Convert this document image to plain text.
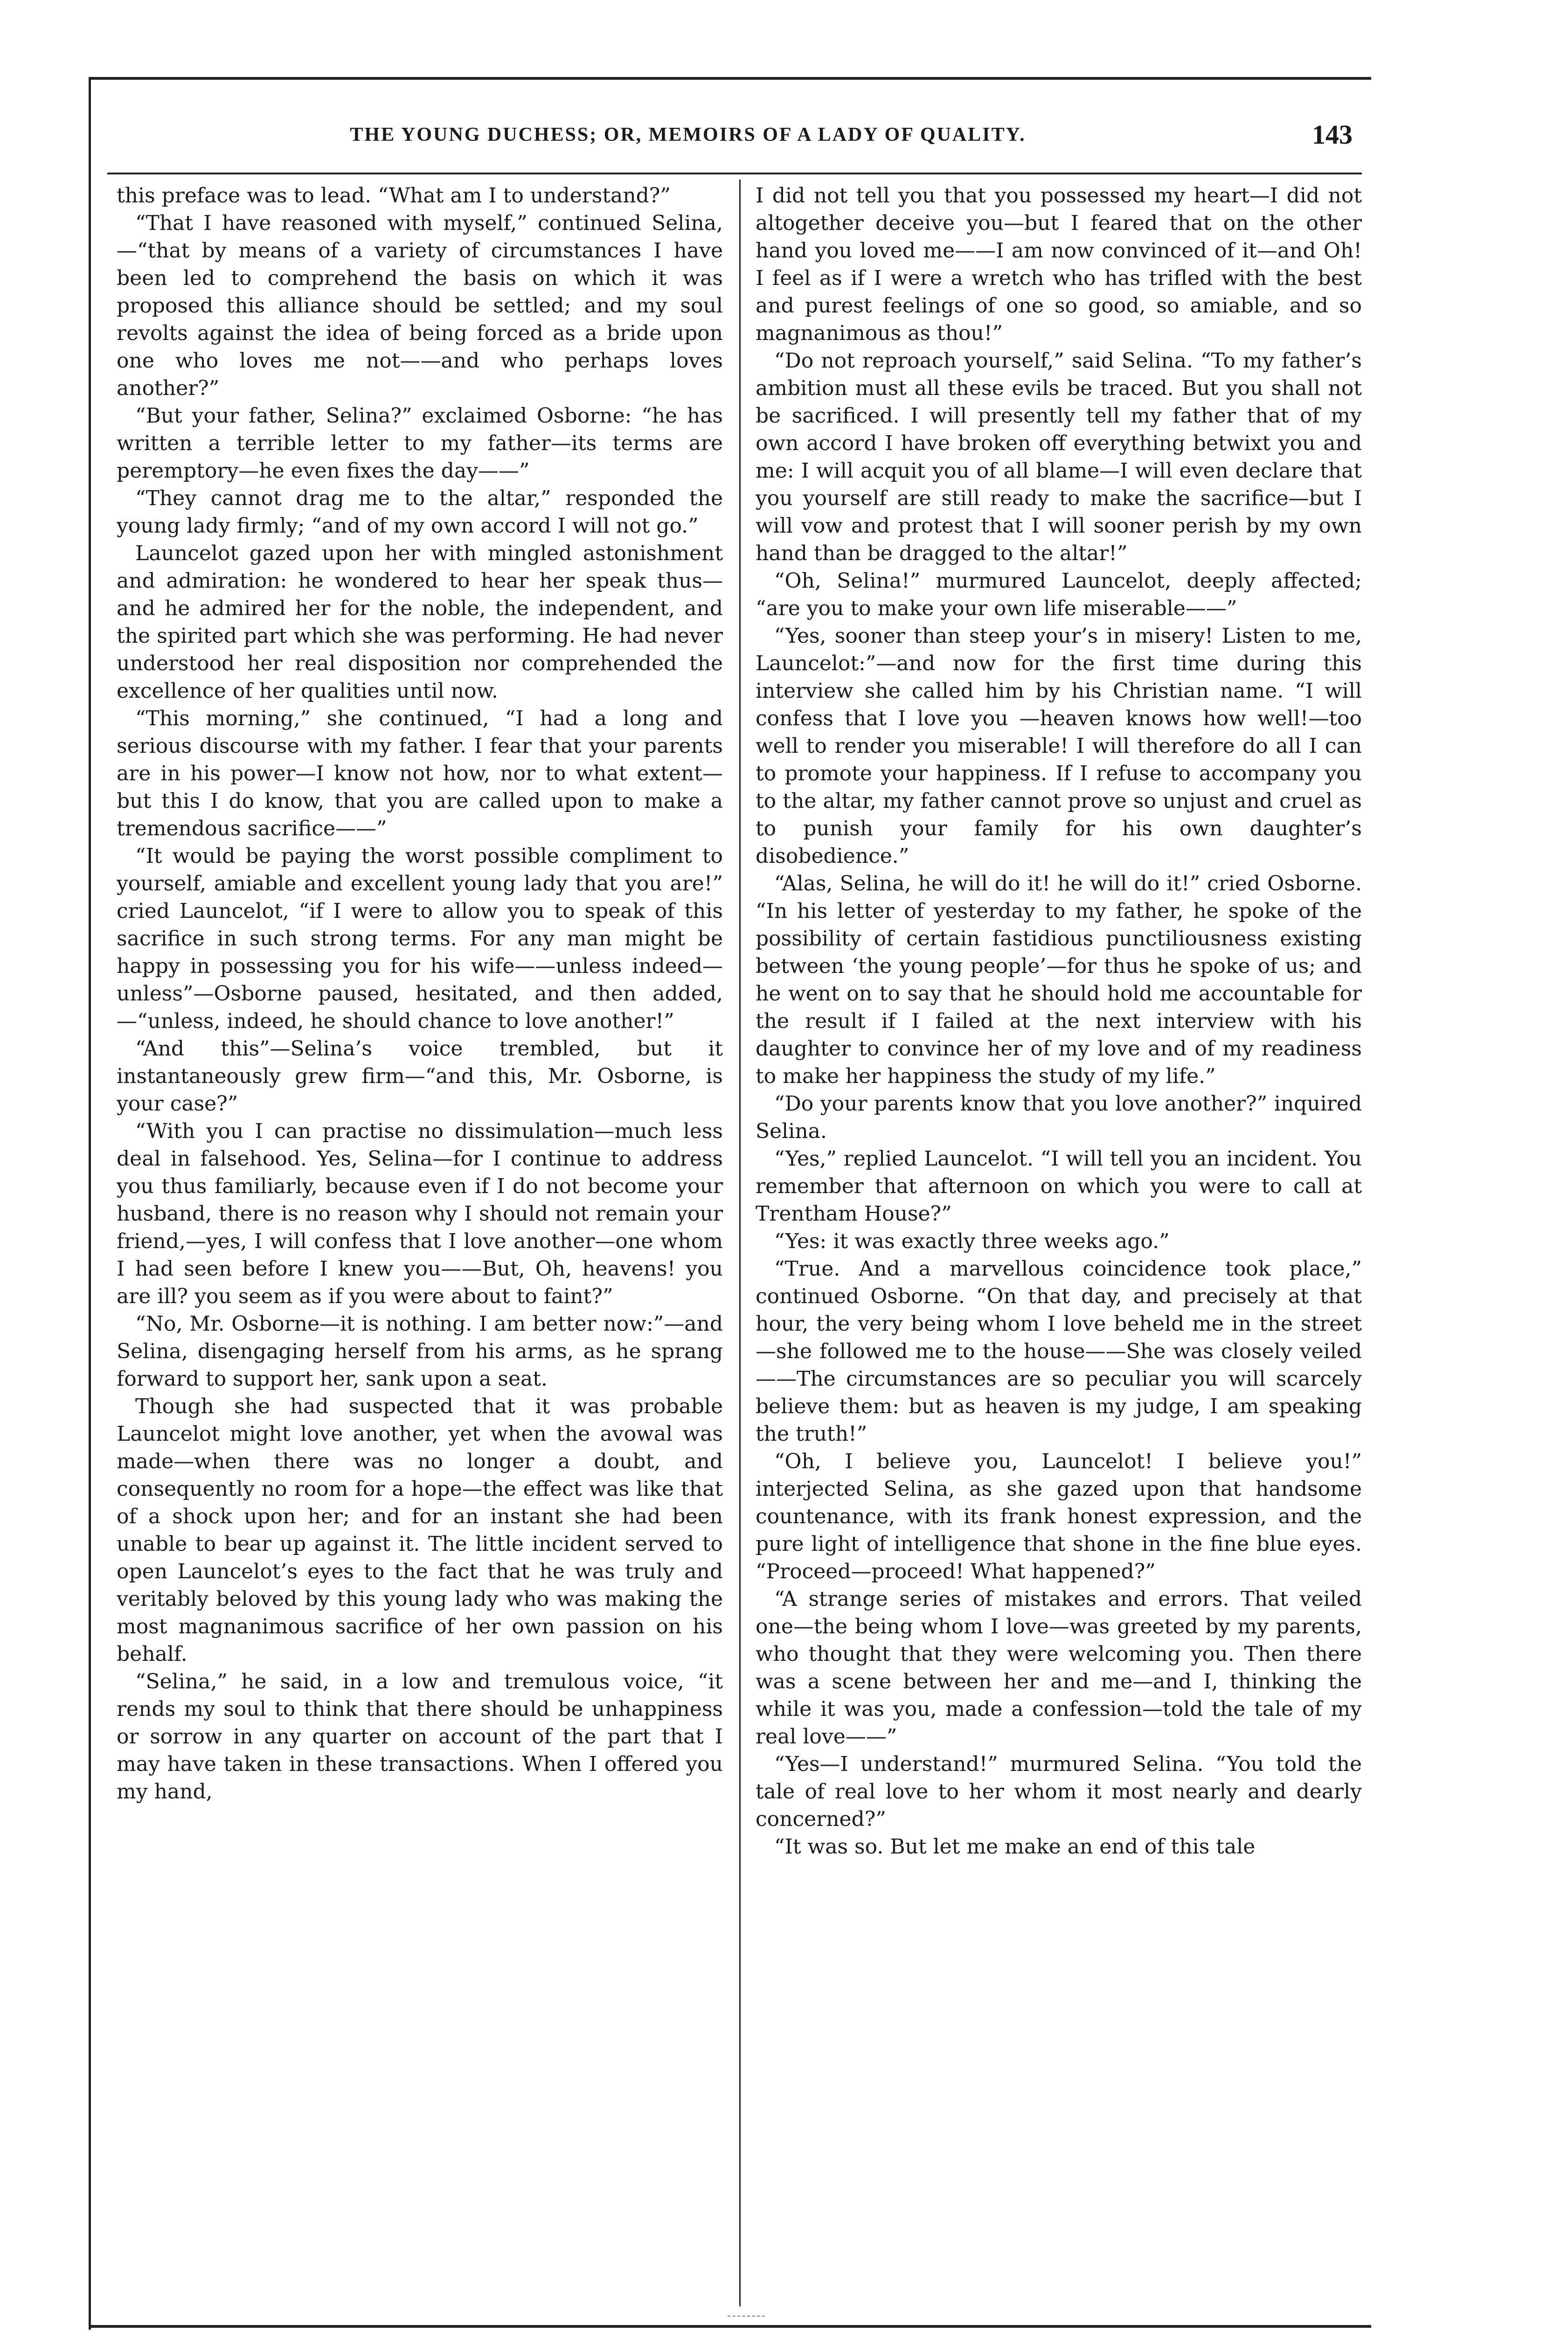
THE YOUNG DUCHESS; OR, MEMOIRS OF A LADY OF QUALITY.	143

this preface was to lead. “What am I to understand?”

“That I have reasoned with myself,” continued Selina,—“that by means of a variety of circumstances I have been led to comprehend the basis on which it was proposed this alliance should be settled; and my soul revolts against the idea of being forced as a bride upon one who loves me not——and who perhaps loves another?”

“But your father, Selina?” exclaimed Osborne: “he has written a terrible letter to my father—its terms are peremptory—he even fixes the day——”

“They cannot drag me to the altar,” responded the young lady firmly; “and of my own accord I will not go.”

Launcelot gazed upon her with mingled astonishment and admiration: he wondered to hear her speak thus—and he admired her for the noble, the independent, and the spirited part which she was performing. He had never understood her real disposition nor comprehended the excellence of her qualities until now.

“This morning,” she continued, “I had a long and serious discourse with my father. I fear that your parents are in his power—I know not how, nor to what extent—but this I do know, that you are called upon to make a tremendous sacrifice——”

“It would be paying the worst possible compliment to yourself, amiable and excellent young lady that you are!” cried Launcelot, “if I were to allow you to speak of this sacrifice in such strong terms. For any man might be happy in possessing you for his wife——unless indeed—unless”—Osborne paused, hesitated, and then added,—“unless, indeed, he should chance to love another!”

“And this”—Selina’s voice trembled, but it instantaneously grew firm—“and this, Mr. Osborne, is your case?”

“With you I can practise no dissimulation—much less deal in falsehood. Yes, Selina—for I continue to address you thus familiarly, because even if I do not become your husband, there is no reason why I should not remain your friend,—yes, I will confess that I love another—one whom I had seen before I knew you——But, Oh, heavens! you are ill? you seem as if you were about to faint?”

“No, Mr. Osborne—it is nothing. I am better now:”—and Selina, disengaging herself from his arms, as he sprang forward to support her, sank upon a seat.

Though she had suspected that it was probable Launcelot might love another, yet when the avowal was made—when there was no longer a doubt, and consequently no room for a hope—the effect was like that of a shock upon her; and for an instant she had been unable to bear up against it. The little incident served to open Launcelot’s eyes to the fact that he was truly and veritably beloved by this young lady who was making the most magnanimous sacrifice of her own passion on his behalf.

“Selina,” he said, in a low and tremulous voice, “it rends my soul to think that there should be unhappiness or sorrow in any quarter on account of the part that I may have taken in these transactions. When I offered you my hand,

I did not tell you that you possessed my heart—I did not altogether deceive you—but I feared that on the other hand you loved me——I am now convinced of it—and Oh! I feel as if I were a wretch who has trifled with the best and purest feelings of one so good, so amiable, and so magnanimous as thou!”

“Do not reproach yourself,” said Selina. “To my father’s ambition must all these evils be traced. But you shall not be sacrificed. I will presently tell my father that of my own accord I have broken off everything betwixt you and me: I will acquit you of all blame—I will even declare that you yourself are still ready to make the sacrifice—but I will vow and protest that I will sooner perish by my own hand than be dragged to the altar!”

“Oh, Selina!” murmured Launcelot, deeply affected; “are you to make your own life miserable——”

“Yes, sooner than steep your’s in misery! Listen to me, Launcelot:”—and now for the first time during this interview she called him by his Christian name. “I will confess that I love you —heaven knows how well!—too well to render you miserable! I will therefore do all I can to promote your happiness. If I refuse to accompany you to the altar, my father cannot prove so unjust and cruel as to punish your family for his own daughter’s disobedience.”

“Alas, Selina, he will do it! he will do it!” cried Osborne. “In his letter of yesterday to my father, he spoke of the possibility of certain fastidious punctiliousness existing between ‘the young people’—for thus he spoke of us; and he went on to say that he should hold me accountable for the result if I failed at the next interview with his daughter to convince her of my love and of my readiness to make her happiness the study of my life.”

“Do your parents know that you love another?” inquired Selina.

“Yes,” replied Launcelot. “I will tell you an incident. You remember that afternoon on which you were to call at Trentham House?”

“Yes: it was exactly three weeks ago.”

“True. And a marvellous coincidence took place,” continued Osborne. “On that day, and precisely at that hour, the very being whom I love beheld me in the street—she followed me to the house——She was closely veiled——The circumstances are so peculiar you will scarcely believe them: but as heaven is my judge, I am speaking the truth!”

“Oh, I believe you, Launcelot! I believe you!” interjected Selina, as she gazed upon that handsome countenance, with its frank honest expression, and the pure light of intelligence that shone in the fine blue eyes. “Proceed—proceed! What happened?”

“A strange series of mistakes and errors. That veiled one—the being whom I love—was greeted by my parents, who thought that they were welcoming you. Then there was a scene between her and me—and I, thinking the while it was you, made a confession—told the tale of my real love——”

“Yes—I understand!” murmured Selina. “You told the tale of real love to her whom it most nearly and dearly concerned?”

“It was so. But let me make an end of this tale
